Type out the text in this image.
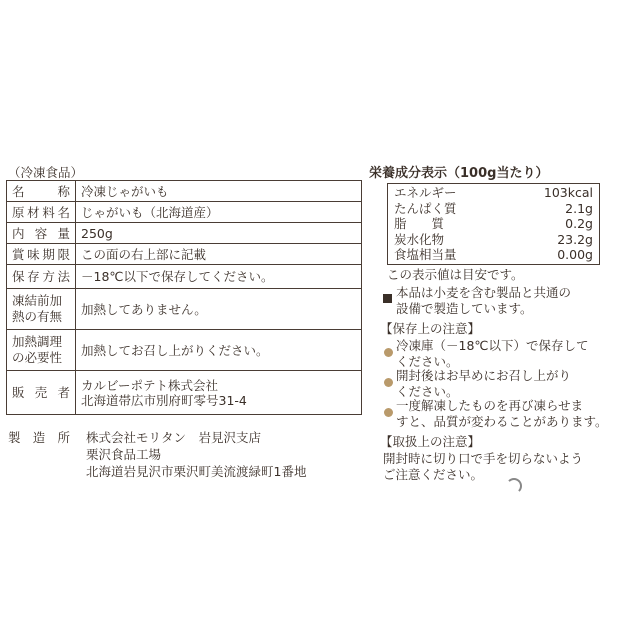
（冷凍食品）
名称	冷凍じゃがいも
原材料名	じゃがいも（北海道産）
内容量	250g
賞味期限	この面の右上部に記載
保存方法	－18℃以下で保存してください。
凍結前加
熱の有無	加熱してありません。
加熱調理
の必要性	加熱してお召し上がりください。
販売者	カルビーポテト株式会社
北海道帯広市別府町零号31-4
製造所 株式会社モリタン　岩見沢支店
栗沢食品工場
北海道岩見沢市栗沢町美流渡緑町1番地
栄養成分表示（100g当たり）
エネルギー	103kcal
たんぱく質	2.1g
脂　　質	0.2g
炭水化物	23.2g
食塩相当量	0.00g
この表示値は目安です。
本品は小麦を含む製品と共通の
設備で製造しています。
【保存上の注意】
冷凍庫（－18℃以下）で保存して
ください。
開封後はお早めにお召し上がり
ください。
一度解凍したものを再び凍らせま
すと、品質が変わることがあります。
【取扱上の注意】
開封時に切り口で手を切らないよう
ご注意ください。
